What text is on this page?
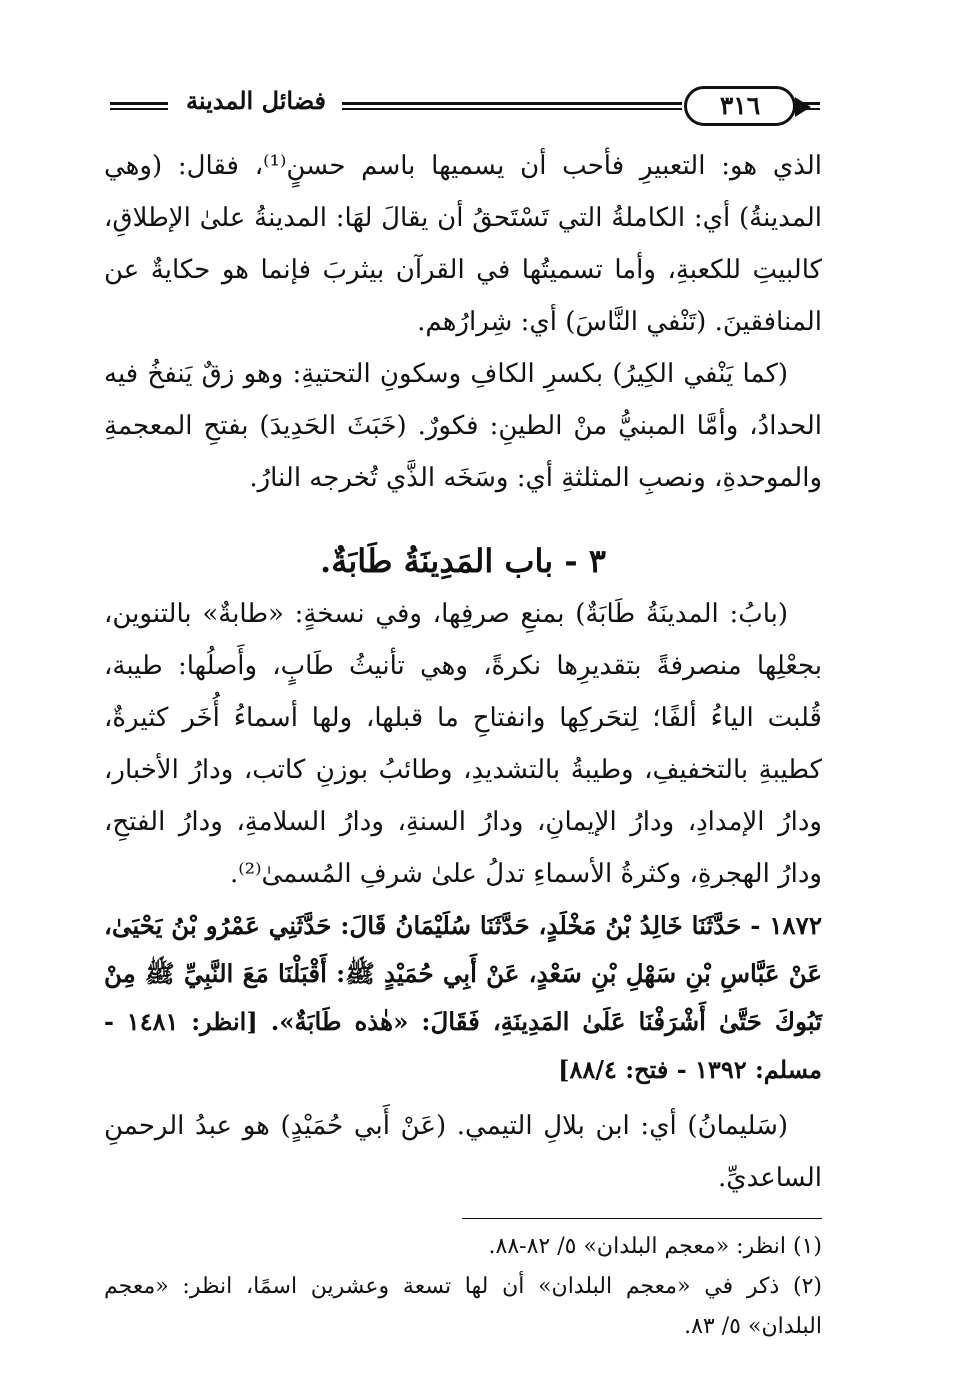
فضائل المدينة	٣١٦

الذي هو: التعبيرِ فأحب أن يسميها باسم حسنٍ⁽¹⁾، فقال: (وهي المدينةُ) أي: الكاملةُ التي تَسْتَحقُ أن يقالَ لهَا: المدينةُ علىٰ الإطلاقِ، كالبيتِ للكعبةِ، وأما تسميتُها في القرآن بيثربَ فإنما هو حكايةٌ عن المنافقينَ. (تَنْفي النَّاسَ) أي: شِرارُهم.

(كما يَنْفي الكِيرُ) بكسرِ الكافِ وسكونِ التحتيةِ: وهو زقٌ يَنفخُ فيه الحدادُ، وأمَّا المبنيُّ منْ الطينِ: فكورٌ. (خَبَثَ الحَدِيدَ) بفتحِ المعجمةِ والموحدةِ، ونصبِ المثلثةِ أي: وسَخَه الذَّي تُخرجه النارُ.

٣ - باب المَدِينَةُ طَابَةٌ.

(بابُ: المدينَةُ طَابَةٌ) بمنعِ صرفِها، وفي نسخةٍ: «طابةٌ» بالتنوين، بجعْلِها منصرفةً بتقديرِها نكرةً، وهي تأنيثُ طَابٍ، وأَصلُها: طيبة، قُلبت الياءُ ألفًا؛ لِتحَركِها وانفتاحِ ما قبلها، ولها أسماءُ أُخَر كثيرةٌ، كطيبةِ بالتخفيفِ، وطيبةُ بالتشديدِ، وطائبُ بوزنِ كاتب، ودارُ الأخبار، ودارُ الإمدادِ، ودارُ الإيمانِ، ودارُ السنةِ، ودارُ السلامةِ، ودارُ الفتحِ، ودارُ الهجرةِ، وكثرةُ الأسماءِ تدلُ علىٰ شرفِ المُسمىٰ⁽²⁾.

١٨٧٢ - حَدَّثَنَا خَالِدُ بْنُ مَخْلَدٍ، حَدَّثَنَا سُلَيْمَانُ قَالَ: حَدَّثَنِي عَمْرُو بْنُ يَحْيَىٰ، عَنْ عَبَّاسِ بْنِ سَهْلِ بْنِ سَعْدٍ، عَنْ أَبِي حُمَيْدٍ ﷺ: أَقْبَلْنَا مَعَ النَّبِيِّ ﷺ مِنْ تَبُوكَ حَتَّىٰ أَشْرَفْنَا عَلَىٰ المَدِينَةِ، فَقَالَ: «هٰذه طَابَةٌ». [انظر: ١٤٨١ - مسلم: ١٣٩٢ - فتح: ٨٨/٤]

(سَليمانُ) أي: ابن بلالِ التيمي. (عَنْ أَبي حُمَيْدٍ) هو عبدُ الرحمنِ الساعديِّ.

(١) انظر: «معجم البلدان» ٥/ ٨٢-٨٨.

(٢) ذكر في «معجم البلدان» أن لها تسعة وعشرين اسمًا، انظر: «معجم البلدان» ٥/ ٨٣.
